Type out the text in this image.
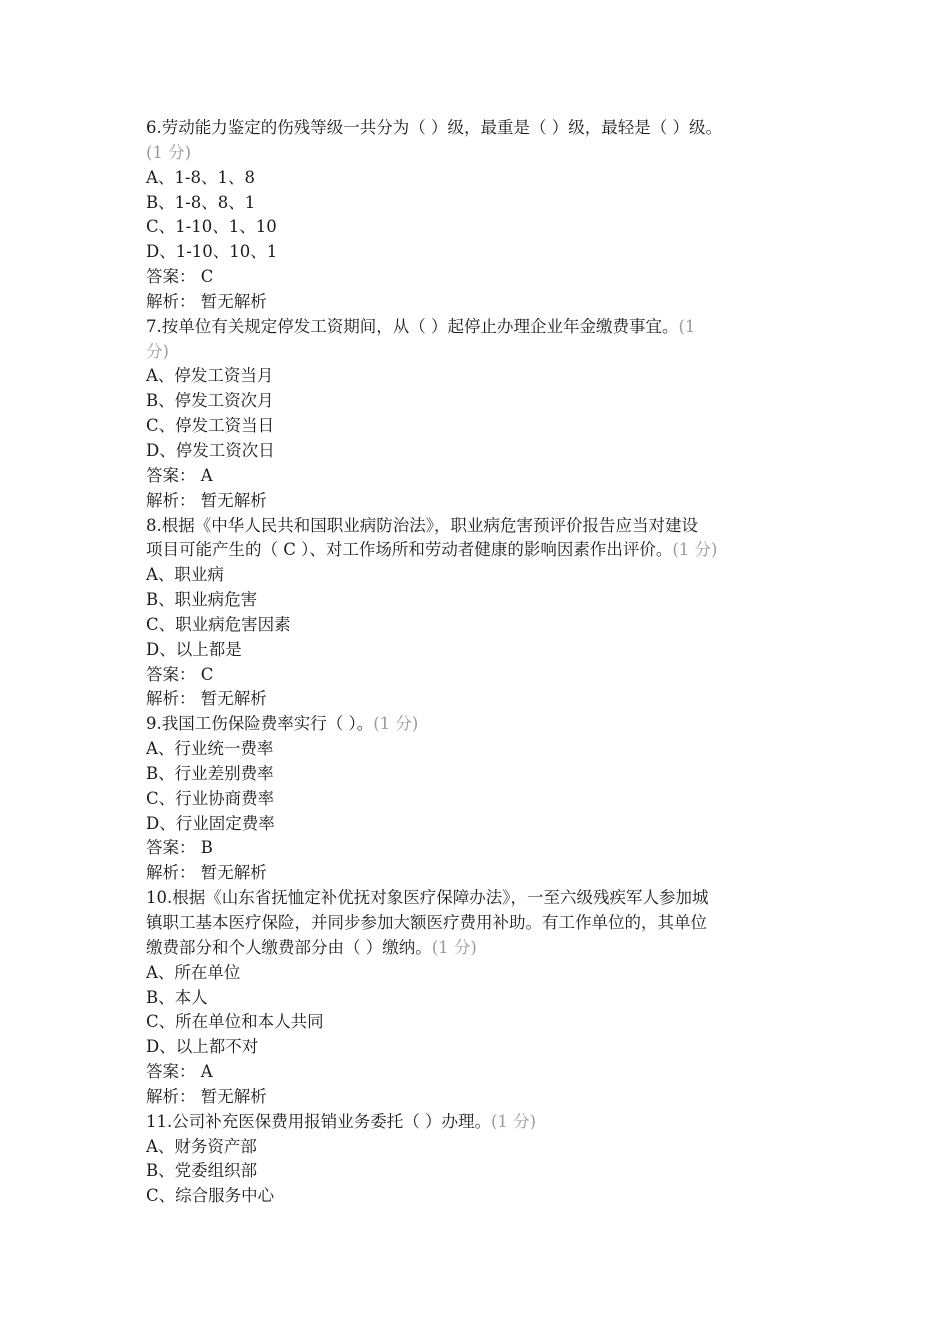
6.劳动能力鉴定的伤残等级一共分为（ ）级，最重是（ ）级，最轻是（ ）级。
(1 分)
A、1-8、1、8
B、1-8、8、1
C、1-10、1、10
D、1-10、10、1
答案： C
解析： 暂无解析
7.按单位有关规定停发工资期间，从（ ）起停止办理企业年金缴费事宜。(1
分)
A、停发工资当月
B、停发工资次月
C、停发工资当日
D、停发工资次日
答案： A
解析： 暂无解析
8.根据《中华人民共和国职业病防治法》，职业病危害预评价报告应当对建设
项目可能产生的（ C ）、对工作场所和劳动者健康的影响因素作出评价。(1 分)
A、职业病
B、职业病危害
C、职业病危害因素
D、以上都是
答案： C
解析： 暂无解析
9.我国工伤保险费率实行（ ）。(1 分)
A、行业统一费率
B、行业差别费率
C、行业协商费率
D、行业固定费率
答案： B
解析： 暂无解析
10.根据《山东省抚恤定补优抚对象医疗保障办法》，一至六级残疾军人参加城
镇职工基本医疗保险，并同步参加大额医疗费用补助。有工作单位的，其单位
缴费部分和个人缴费部分由（ ）缴纳。(1 分)
A、所在单位
B、本人
C、所在单位和本人共同
D、以上都不对
答案： A
解析： 暂无解析
11.公司补充医保费用报销业务委托（ ）办理。(1 分)
A、财务资产部
B、党委组织部
C、综合服务中心
